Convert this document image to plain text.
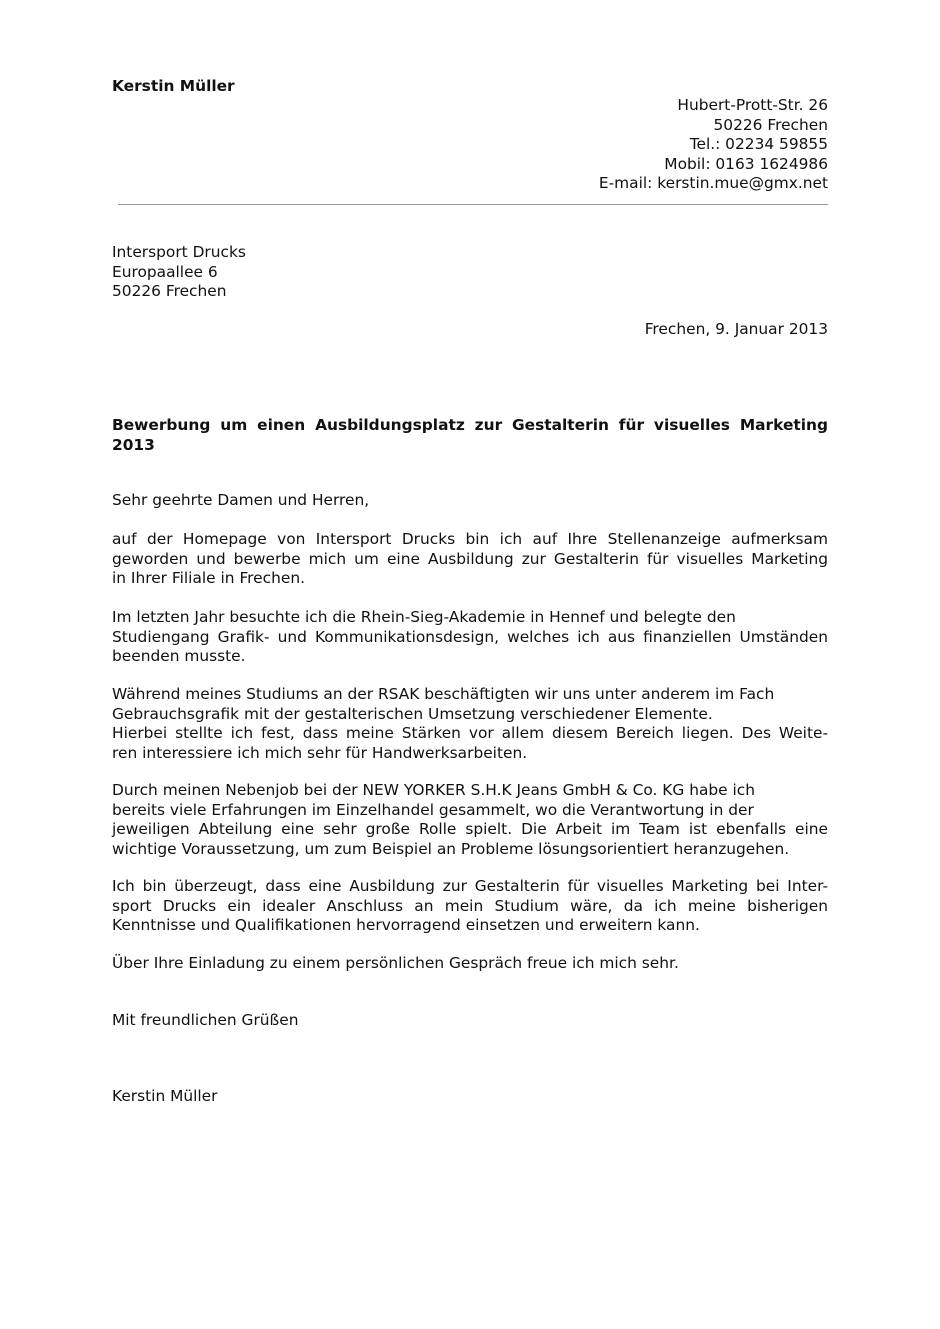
Kerstin Müller
Hubert-Prott-Str. 26
50226 Frechen
Tel.: 02234 59855
Mobil: 0163 1624986
E-mail: kerstin.mue@gmx.net
Intersport Drucks
Europaallee 6
50226 Frechen
Frechen, 9. Januar 2013
Bewerbung um einen Ausbildungsplatz zur Gestalterin für visuelles Marketing
2013
Sehr geehrte Damen und Herren,
auf der Homepage von Intersport Drucks bin ich auf Ihre Stellenanzeige aufmerksam
geworden und bewerbe mich um eine Ausbildung zur Gestalterin für visuelles Marketing
in Ihrer Filiale in Frechen.
Im letzten Jahr besuchte ich die Rhein-Sieg-Akademie in Hennef und belegte den
Studiengang Grafik- und Kommunikationsdesign, welches ich aus finanziellen Umständen
beenden musste.
Während meines Studiums an der RSAK beschäftigten wir uns unter anderem im Fach
Gebrauchsgrafik mit der gestalterischen Umsetzung verschiedener Elemente.
Hierbei stellte ich fest, dass meine Stärken vor allem diesem Bereich liegen. Des Weite-
ren interessiere ich mich sehr für Handwerksarbeiten.
Durch meinen Nebenjob bei der NEW YORKER S.H.K Jeans GmbH & Co. KG habe ich
bereits viele Erfahrungen im Einzelhandel gesammelt, wo die Verantwortung in der
jeweiligen Abteilung eine sehr große Rolle spielt. Die Arbeit im Team ist ebenfalls eine
wichtige Voraussetzung, um zum Beispiel an Probleme lösungsorientiert heranzugehen.
Ich bin überzeugt, dass eine Ausbildung zur Gestalterin für visuelles Marketing bei Inter-
sport Drucks ein idealer Anschluss an mein Studium wäre, da ich meine bisherigen
Kenntnisse und Qualifikationen hervorragend einsetzen und erweitern kann.
Über Ihre Einladung zu einem persönlichen Gespräch freue ich mich sehr.
Mit freundlichen Grüßen
Kerstin Müller
